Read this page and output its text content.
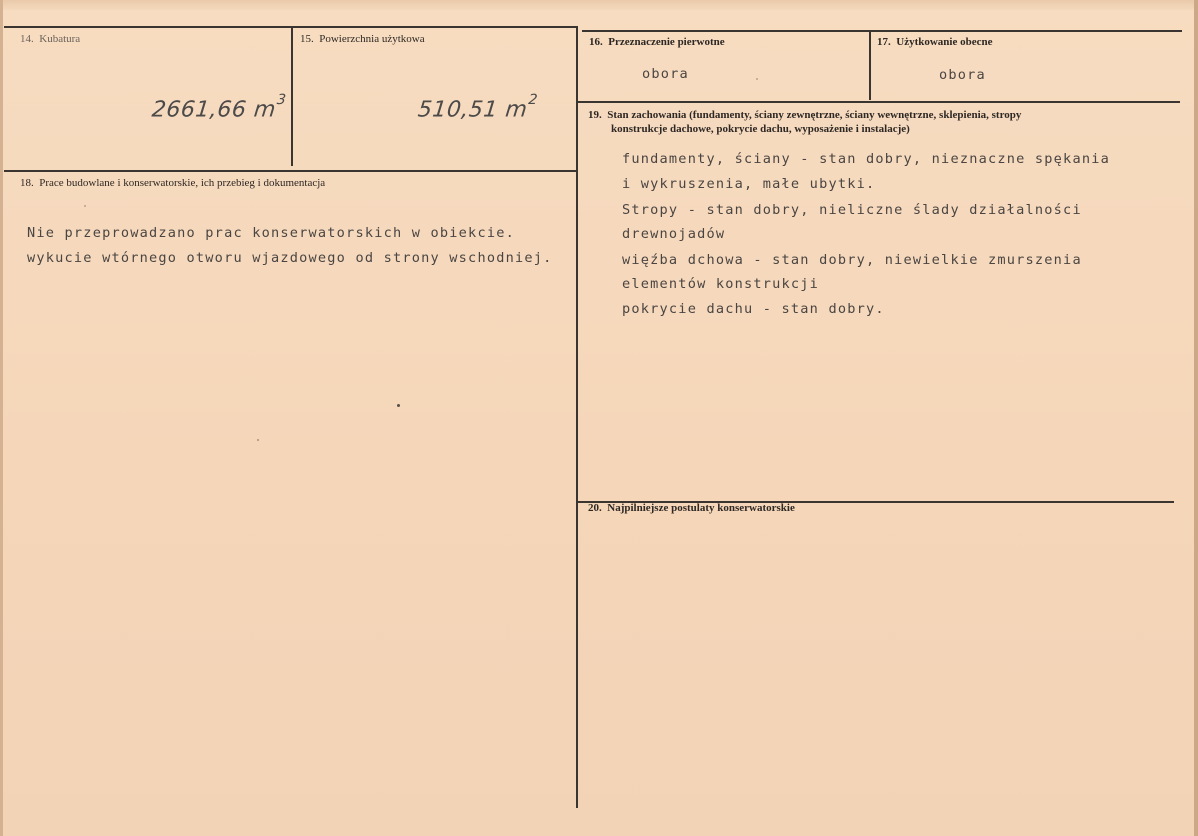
14. Kubatura
2661,66 $m^3$
15. Powierzchnia użytkowa
510,51 $m^2$
16. Przeznaczenie pierwotne
obora
17. Użytkowanie obecne
obora
18. Prace budowlane i konserwatorskie, ich przebieg i dokumentacja
Nie przeprowadzano prac konserwatorskich w obiekcie.
wykucie wtórnego otworu wjazdowego od strony wschodniej.
19. Stan zachowania (fundamenty, ściany zewnętrzne, ściany wewnętrzne, sklepienia, stropy
konstrukcje dachowe, pokrycie dachu, wyposażenie i instalacje)
fundamenty, ściany - stan dobry, nieznaczne spękania
i wykruszenia, małe ubytki.
Stropy - stan dobry, nieliczne ślady działalności
drewnojadów
więźba dchowa - stan dobry, niewielkie zmurszenia
elementów konstrukcji
pokrycie dachu - stan dobry.
20. Najpilniejsze postulaty konserwatorskie
